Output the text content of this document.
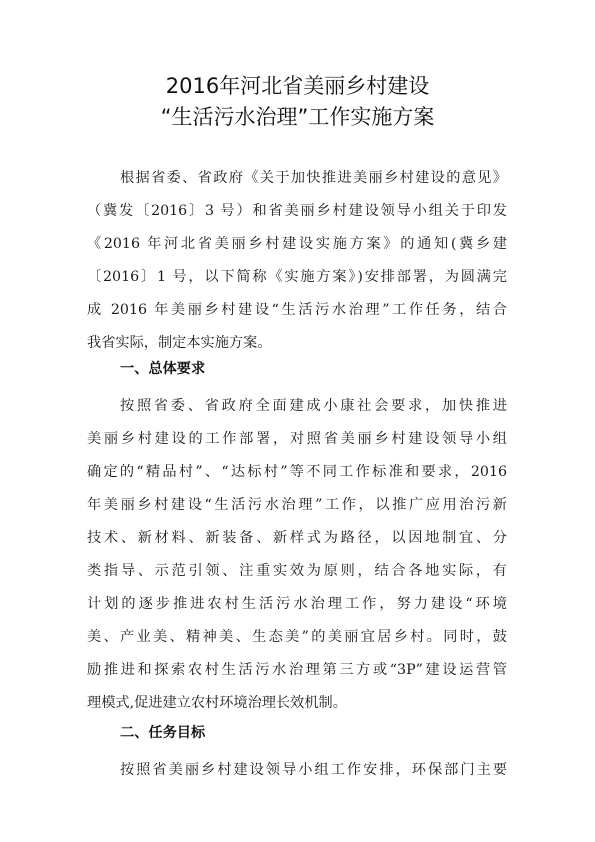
2016年河北省美丽乡村建设
“生活污水治理”工作实施方案
根据省委、省政府《关于加快推进美丽乡村建设的意见》
（冀发〔2016〕3 号）和省美丽乡村建设领导小组关于印发
《2016 年河北省美丽乡村建设实施方案》的通知(冀乡建
〔2016〕1 号，以下简称《实施方案》)安排部署，为圆满完
成 2016 年美丽乡村建设“生活污水治理”工作任务，结合
我省实际，制定本实施方案。
一、总体要求
按照省委、省政府全面建成小康社会要求，加快推进
美丽乡村建设的工作部署，对照省美丽乡村建设领导小组
确定的“精品村”、“达标村”等不同工作标准和要求，2016
年美丽乡村建设“生活污水治理”工作，以推广应用治污新
技术、新材料、新装备、新样式为路径，以因地制宜、分
类指导、示范引领、注重实效为原则，结合各地实际，有
计划的逐步推进农村生活污水治理工作，努力建设“环境
美、产业美、精神美、生态美”的美丽宜居乡村。同时，鼓
励推进和探索农村生活污水治理第三方或“3P”建设运营管
理模式,促进建立农村环境治理长效机制。
二、任务目标
按照省美丽乡村建设领导小组工作安排，环保部门主要
